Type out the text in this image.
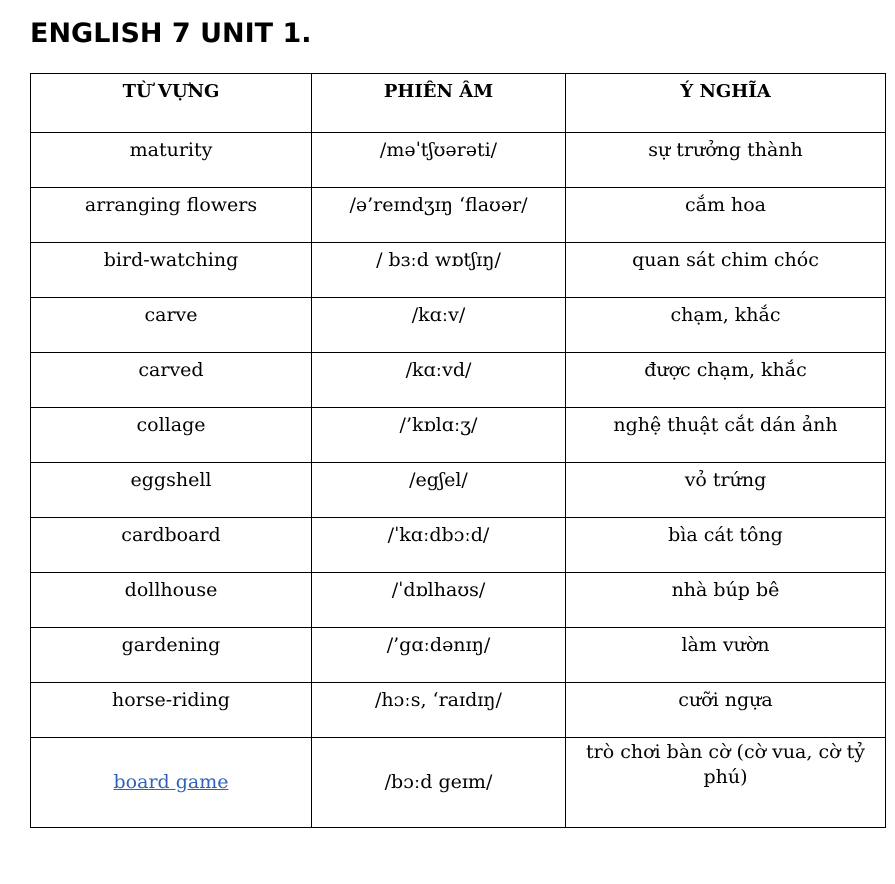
ENGLISH 7 UNIT 1.
TỪ VỰNG	PHIÊN ÂM	Ý NGHĨA
maturity	/məˈtʃʊərəti/	sự trưởng thành
arranging flowers	/ə’reɪndʒɪŋ ‘flaʊər/	cắm hoa
bird-watching	/ bɜːd wɒtʃɪŋ/	quan sát chim chóc
carve	/kɑːv/	chạm, khắc
carved	/kɑːvd/	được chạm, khắc
collage	/’kɒlɑːʒ/	nghệ thuật cắt dán ảnh
eggshell	/egʃel/	vỏ trứng
cardboard	/ˈkɑːdbɔːd/	bìa cát tông
dollhouse	/ˈdɒlhaʊs/	nhà búp bê
gardening	/’gɑːdənɪŋ/	làm vườn
horse-riding	/hɔːs, ‘raɪdɪŋ/	cưỡi ngựa
board game	/bɔːd geɪm/	trò chơi bàn cờ (cờ vua, cờ tỷ phú)
